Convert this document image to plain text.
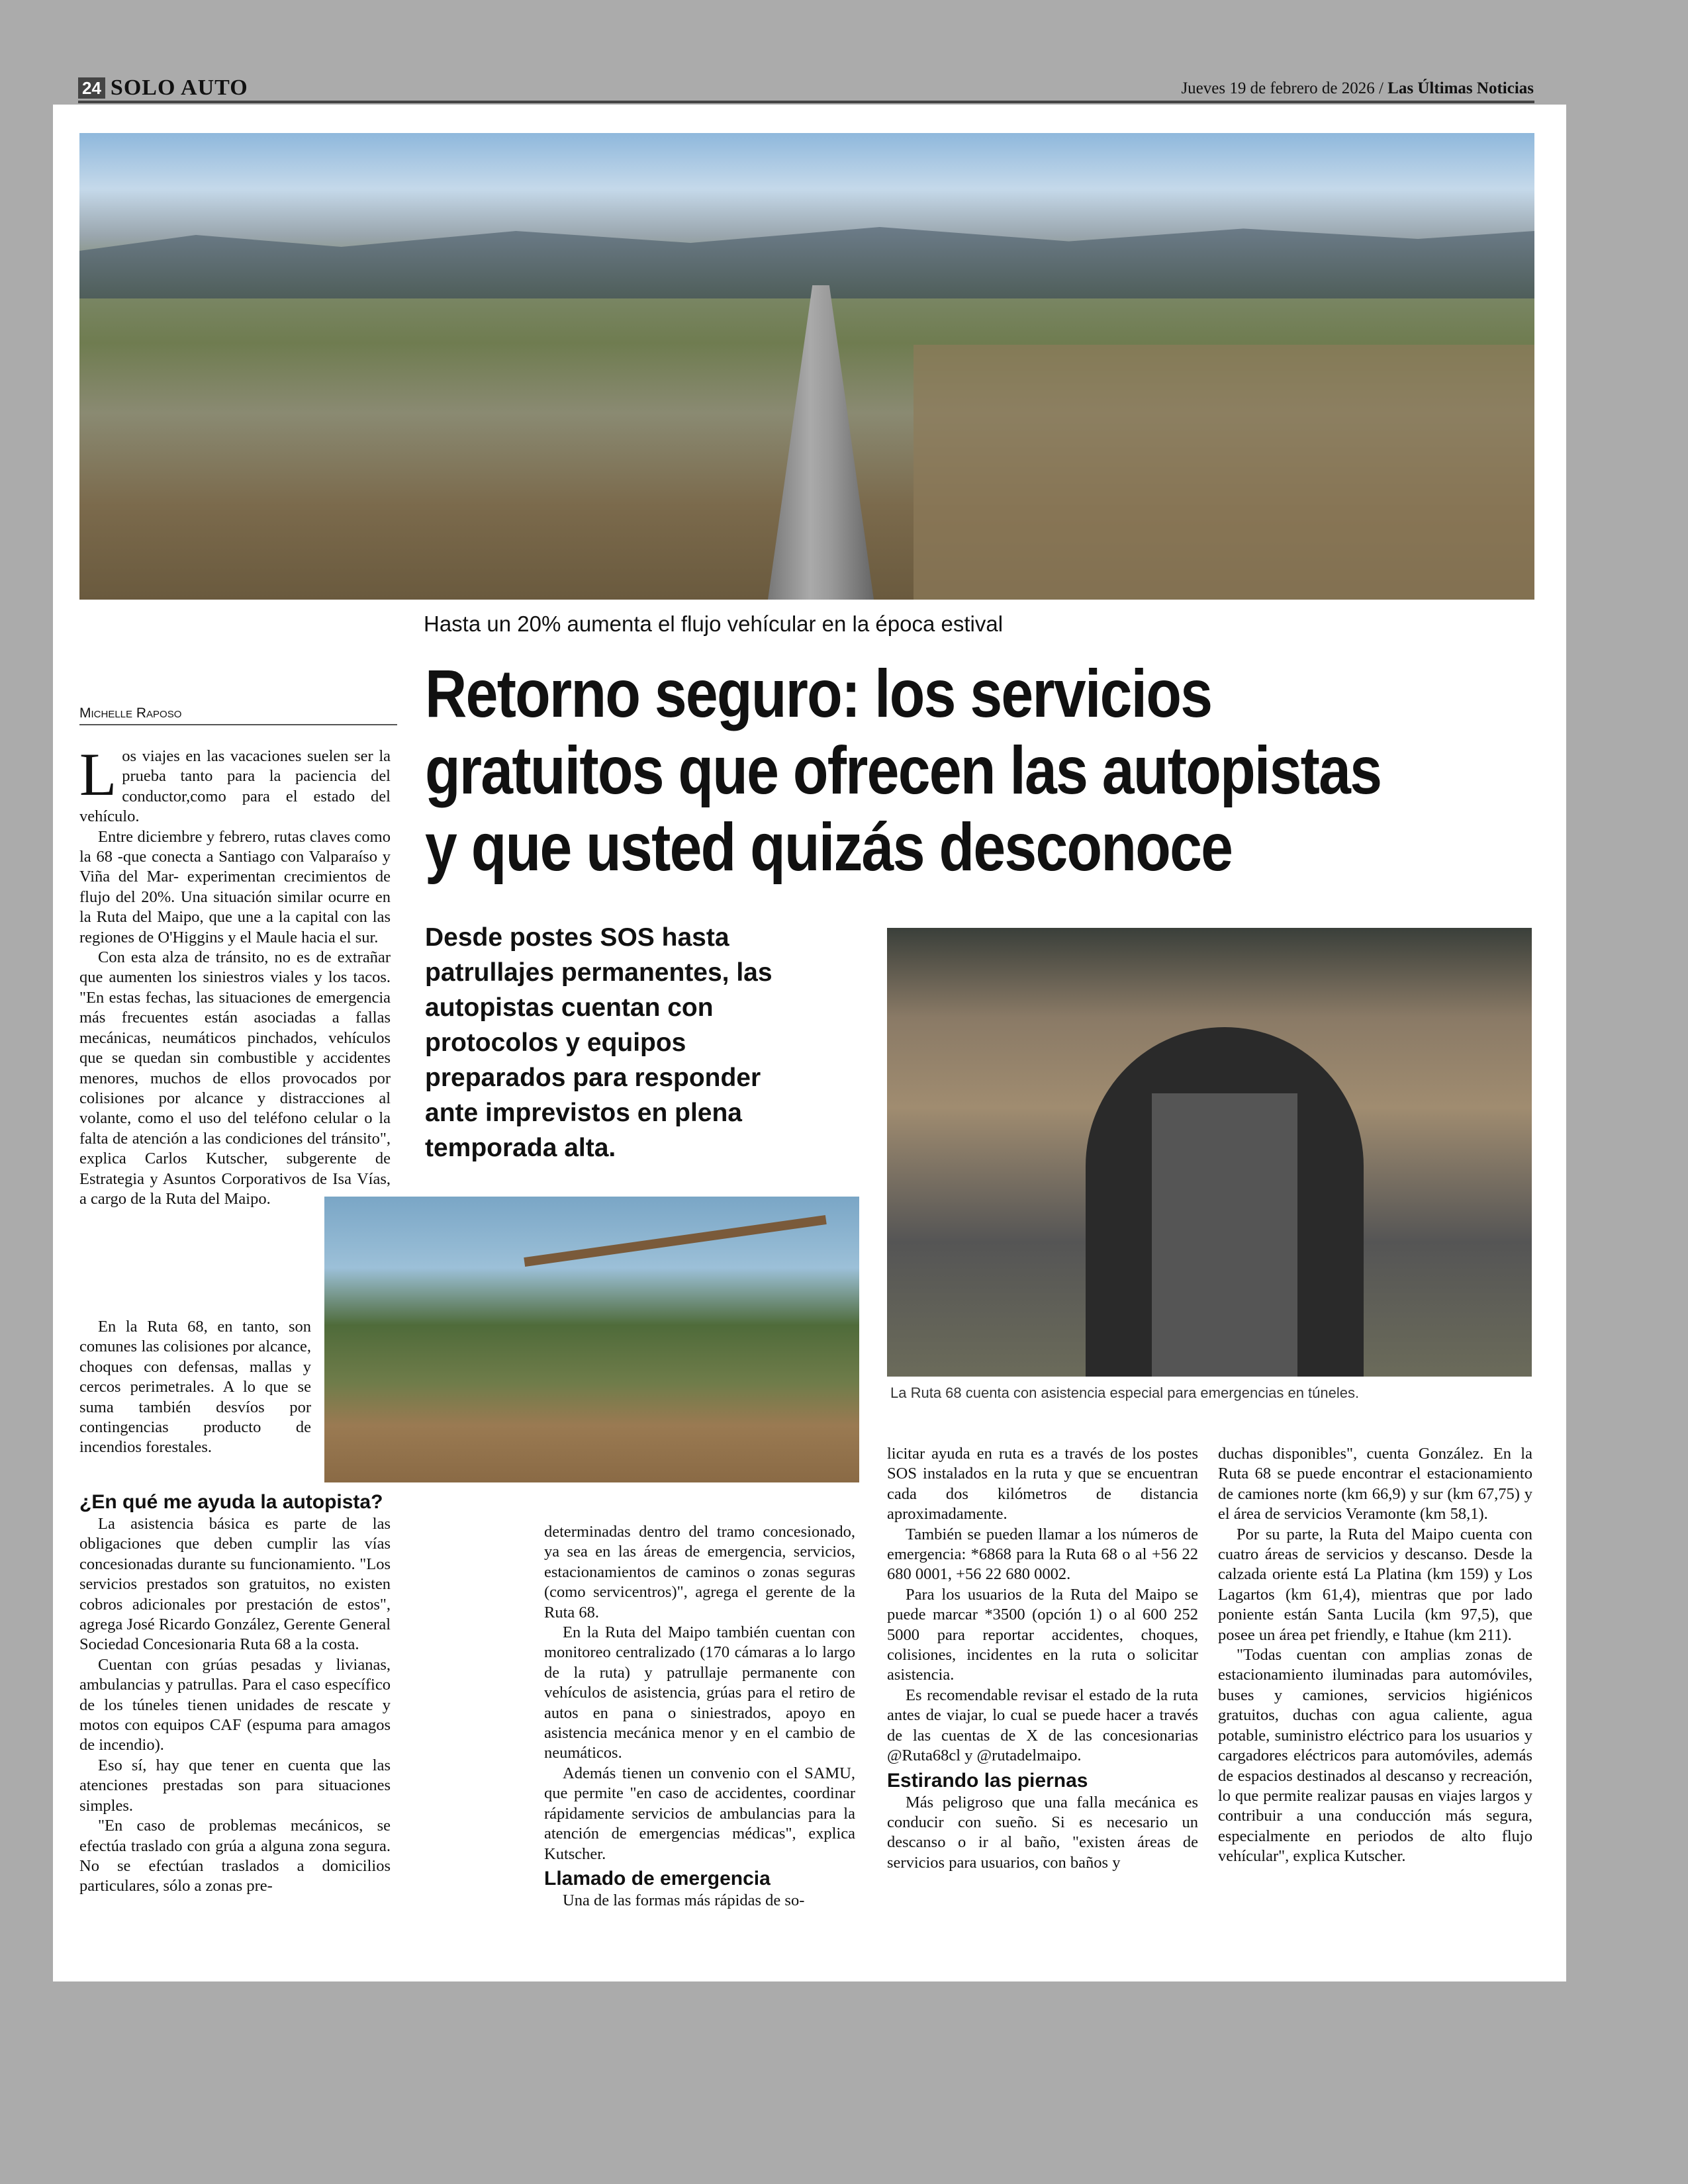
24 SOLO AUTO	Jueves 19 de febrero de 2026 / Las Últimas Noticias
Hasta un 20% aumenta el flujo vehícular en la época estival
Retorno seguro: los servicios gratuitos que ofrecen las autopistas y que usted quizás desconoce
Michelle Raposo
Desde postes SOS hasta patrullajes permanentes, las autopistas cuentan con protocolos y equipos preparados para responder ante imprevistos en plena temporada alta.
La Ruta 68 cuenta con asistencia especial para emergencias en túneles.

Los viajes en las vacaciones suelen ser la prueba tanto para la paciencia del conductor,como para el estado del vehículo.

Entre diciembre y febrero, rutas claves como la 68 -que conecta a Santiago con Valparaíso y Viña del Mar- experimentan crecimientos de flujo del 20%. Una situación similar ocurre en la Ruta del Maipo, que une a la capital con las regiones de O'Higgins y el Maule hacia el sur.

Con esta alza de tránsito, no es de extrañar que aumenten los siniestros viales y los tacos. "En estas fechas, las situaciones de emergencia más frecuentes están asociadas a fallas mecánicas, neumáticos pinchados, vehículos que se quedan sin combustible y accidentes menores, muchos de ellos provocados por colisiones por alcance y distracciones al volante, como el uso del teléfono celular o la falta de atención a las condiciones del tránsito", explica Carlos Kutscher, subgerente de Estrategia y Asuntos Corporativos de Isa Vías, a cargo de la Ruta del Maipo.

En la Ruta 68, en tanto, son comunes las colisiones por alcance, choques con defensas, mallas y cercos perimetrales. A lo que se suma también desvíos por contingencias producto de incendios forestales.

¿En qué me ayuda la autopista?

La asistencia básica es parte de las obligaciones que deben cumplir las vías concesionadas durante su funcionamiento. "Los servicios prestados son gratuitos, no existen cobros adicionales por prestación de estos", agrega José Ricardo González, Gerente General Sociedad Concesionaria Ruta 68 a la costa.

Cuentan con grúas pesadas y livianas, ambulancias y patrullas. Para el caso específico de los túneles tienen unidades de rescate y motos con equipos CAF (espuma para amagos de incendio).

Eso sí, hay que tener en cuenta que las atenciones prestadas son para situaciones simples.

"En caso de problemas mecánicos, se efectúa traslado con grúa a alguna zona segura. No se efectúan traslados a domicilios particulares, sólo a zonas pre-

determinadas dentro del tramo concesionado, ya sea en las áreas de emergencia, servicios, estacionamientos de caminos o zonas seguras (como servicentros)", agrega el gerente de la Ruta 68.

En la Ruta del Maipo también cuentan con monitoreo centralizado (170 cámaras a lo largo de la ruta) y patrullaje permanente con vehículos de asistencia, grúas para el retiro de autos en pana o siniestrados, apoyo en asistencia mecánica menor y en el cambio de neumáticos.

Además tienen un convenio con el SAMU, que permite "en caso de accidentes, coordinar rápidamente servicios de ambulancias para la atención de emergencias médicas", explica Kutscher.

Llamado de emergencia

Una de las formas más rápidas de so-

licitar ayuda en ruta es a través de los postes SOS instalados en la ruta y que se encuentran cada dos kilómetros de distancia aproximadamente.

También se pueden llamar a los números de emergencia: *6868 para la Ruta 68 o al +56 22 680 0001, +56 22 680 0002.

Para los usuarios de la Ruta del Maipo se puede marcar *3500 (opción 1) o al 600 252 5000 para reportar accidentes, choques, colisiones, incidentes en la ruta o solicitar asistencia.

Es recomendable revisar el estado de la ruta antes de viajar, lo cual se puede hacer a través de las cuentas de X de las concesionarias @Ruta68cl y @rutadelmaipo.

Estirando las piernas

Más peligroso que una falla mecánica es conducir con sueño. Si es necesario un descanso o ir al baño, "existen áreas de servicios para usuarios, con baños y

duchas disponibles", cuenta González. En la Ruta 68 se puede encontrar el estacionamiento de camiones norte (km 66,9) y sur (km 67,75) y el área de servicios Veramonte (km 58,1).

Por su parte, la Ruta del Maipo cuenta con cuatro áreas de servicios y descanso. Desde la calzada oriente está La Platina (km 159) y Los Lagartos (km 61,4), mientras que por lado poniente están Santa Lucila (km 97,5), que posee un área pet friendly, e Itahue (km 211).

"Todas cuentan con amplias zonas de estacionamiento iluminadas para automóviles, buses y camiones, servicios higiénicos gratuitos, duchas con agua caliente, agua potable, suministro eléctrico para los usuarios y cargadores eléctricos para automóviles, además de espacios destinados al descanso y recreación, lo que permite realizar pausas en viajes largos y contribuir a una conducción más segura, especialmente en periodos de alto flujo vehícular", explica Kutscher.
